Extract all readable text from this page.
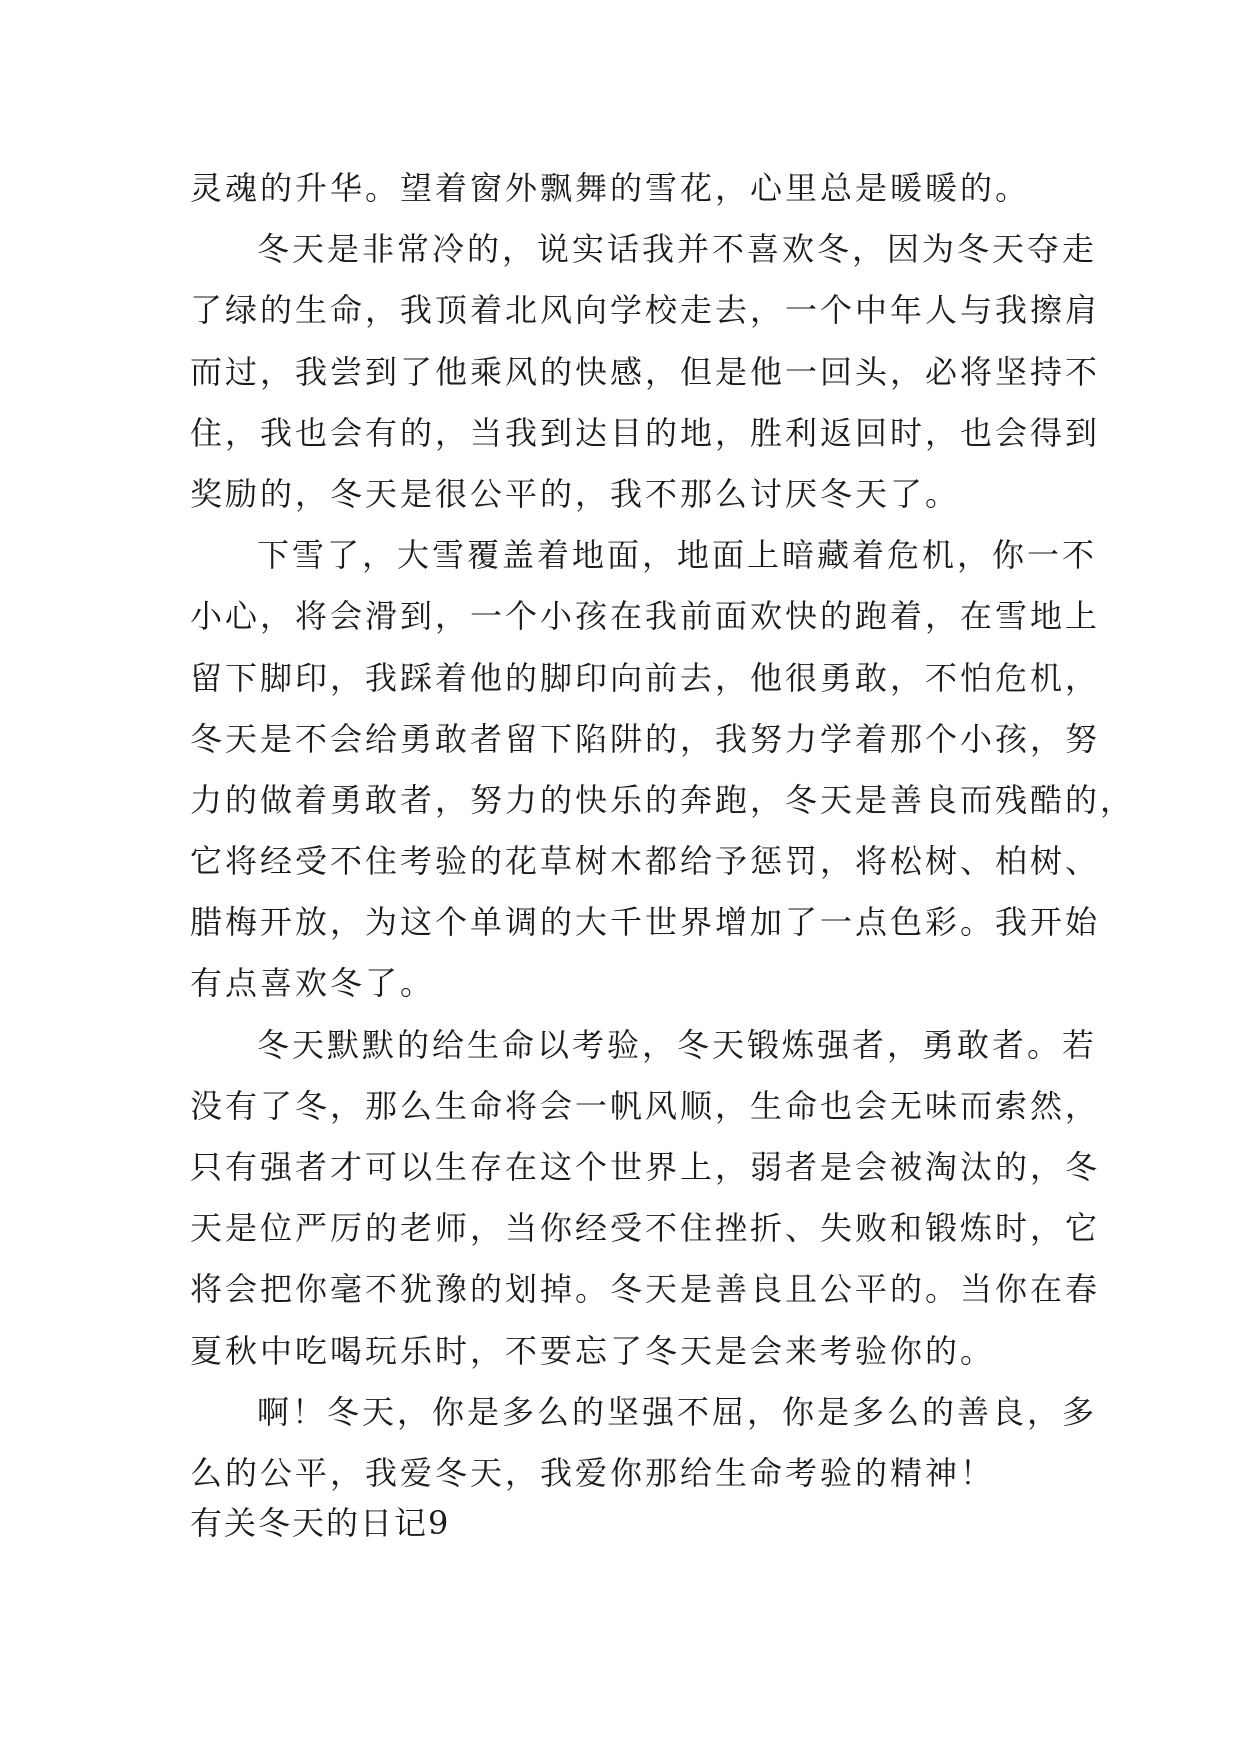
灵魂的升华。望着窗外飘舞的雪花，心里总是暖暖的。
冬天是非常冷的，说实话我并不喜欢冬，因为冬天夺走
了绿的生命，我顶着北风向学校走去，一个中年人与我擦肩
而过，我尝到了他乘风的快感，但是他一回头，必将坚持不
住，我也会有的，当我到达目的地，胜利返回时，也会得到
奖励的，冬天是很公平的，我不那么讨厌冬天了。
下雪了，大雪覆盖着地面，地面上暗藏着危机，你一不
小心，将会滑到，一个小孩在我前面欢快的跑着，在雪地上
留下脚印，我踩着他的脚印向前去，他很勇敢，不怕危机，
冬天是不会给勇敢者留下陷阱的，我努力学着那个小孩，努
力的做着勇敢者，努力的快乐的奔跑，冬天是善良而残酷的，
它将经受不住考验的花草树木都给予惩罚，将松树、柏树、
腊梅开放，为这个单调的大千世界增加了一点色彩。我开始
有点喜欢冬了。
冬天默默的给生命以考验，冬天锻炼强者，勇敢者。若
没有了冬，那么生命将会一帆风顺，生命也会无味而索然，
只有强者才可以生存在这个世界上，弱者是会被淘汰的，冬
天是位严厉的老师，当你经受不住挫折、失败和锻炼时，它
将会把你毫不犹豫的划掉。冬天是善良且公平的。当你在春
夏秋中吃喝玩乐时，不要忘了冬天是会来考验你的。
啊！冬天，你是多么的坚强不屈，你是多么的善良，多
么的公平，我爱冬天，我爱你那给生命考验的精神！
有关冬天的日记9
